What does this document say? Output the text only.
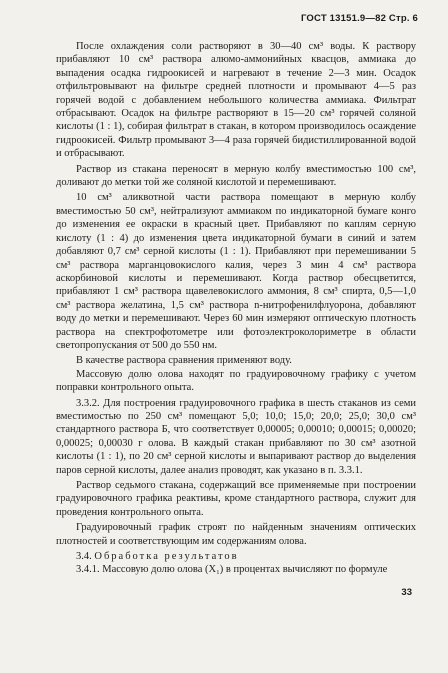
ГОСТ 13151.9—82 Стр. 6

После охлаждения соли растворяют в 30—40 см³ воды. К раствору прибавляют 10 см³ раствора алюмо-аммонийных квасцов, аммиака до выпадения осадка гидроокисей и нагревают в течение 2—3 мин. Осадок отфильтровывают на фильтре средней плотности и промывают 4—5 раз горячей водой с добавлением небольшого количества аммиака. Фильтрат отбрасывают. Осадок на фильтре растворяют в 15—20 см³ горячей соляной кислоты (1 : 1), собирая фильтрат в стакан, в котором производилось осаждение гидроокисей. Фильтр промывают 3—4 раза горячей бидистиллированной водой и отбрасывают.

Раствор из стакана переносят в мерную колбу вместимостью 100 см³, доливают до метки той же соляной кислотой и перемешивают.

10 см³ аликвотной части раствора помещают в мерную колбу вместимостью 50 см³, нейтрализуют аммиаком по индикаторной бумаге конго до изменения ее окраски в красный цвет. Прибавляют по каплям серную кислоту (1 : 4) до изменения цвета индикаторной бумаги в синий и затем добавляют 0,7 см³ серной кислоты (1 : 1). Прибавляют при перемешивании 5 см³ раствора марганцовокислого калия, через 3 мин 4 см³ раствора аскорбиновой кислоты и перемешивают. Когда раствор обесцветится, прибавляют 1 см³ раствора щавелевокислого аммония, 8 см³ спирта, 0,5—1,0 см³ раствора желатина, 1,5 см³ раствора n-нитрофенилфлуорона, добавляют воду до метки и перемешивают. Через 60 мин измеряют оптическую плотность раствора на спектрофотометре или фотоэлектроколориметре в области светопропускания от 500 до 550 нм.

В качестве раствора сравнения применяют воду.

Массовую долю олова находят по градуировочному графику с учетом поправки контрольного опыта.

3.3.2. Для построения градуировочного графика в шесть стаканов из семи вместимостью по 250 см³ помещают 5,0; 10,0; 15,0; 20,0; 25,0; 30,0 см³ стандартного раствора Б, что соответствует 0,00005; 0,00010; 0,00015; 0,00020; 0,00025; 0,00030 г олова. В каждый стакан прибавляют по 30 см³ азотной кислоты (1 : 1), по 20 см³ серной кислоты и выпаривают раствор до выделения паров серной кислоты, далее анализ проводят, как указано в п. 3.3.1.

Раствор седьмого стакана, содержащий все применяемые при построении градуировочного графика реактивы, кроме стандартного раствора, служит для проведения контрольного опыта.

Градуировочный график строят по найденным значениям оптических плотностей и соответствующим им содержаниям олова.

3.4. Обработка результатов

3.4.1. Массовую долю олова (X₁) в процентах вычисляют по формуле

33
